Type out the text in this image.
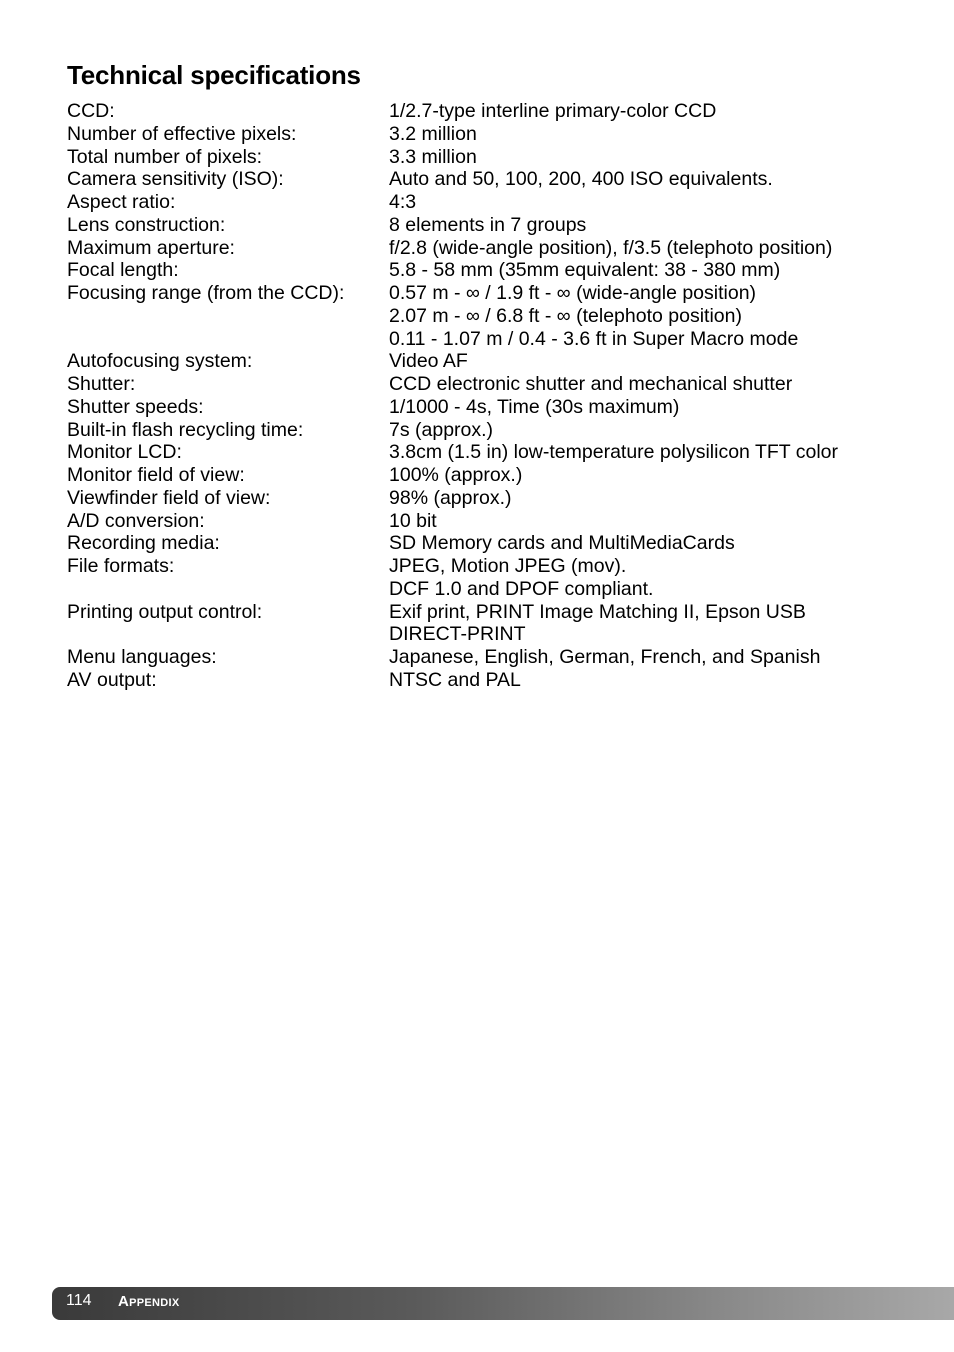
Technical specifications
CCD:	1/2.7-type interline primary-color CCD
Number of effective pixels:	3.2 million
Total number of pixels:	3.3 million
Camera sensitivity (ISO):	Auto and 50, 100, 200, 400 ISO equivalents.
Aspect ratio:	4:3
Lens construction:	8 elements in 7 groups
Maximum aperture:	f/2.8 (wide-angle position), f/3.5 (telephoto position)
Focal length:	5.8 - 58 mm (35mm equivalent: 38 - 380 mm)
Focusing range (from the CCD):	0.57 m - ∞ / 1.9 ft - ∞ (wide-angle position)
2.07 m - ∞ / 6.8 ft - ∞ (telephoto position)
0.11 - 1.07 m / 0.4 - 3.6 ft in Super Macro mode
Autofocusing system:	Video AF
Shutter:	CCD electronic shutter and mechanical shutter
Shutter speeds:	1/1000 - 4s, Time (30s maximum)
Built-in flash recycling time:	7s (approx.)
Monitor LCD:	3.8cm (1.5 in) low-temperature polysilicon TFT color
Monitor field of view:	100% (approx.)
Viewfinder field of view:	98% (approx.)
A/D conversion:	10 bit
Recording media:	SD Memory cards and MultiMediaCards
File formats:	JPEG, Motion JPEG (mov).
DCF 1.0 and DPOF compliant.
Printing output control:	Exif print, PRINT Image Matching II, Epson USB
DIRECT-PRINT
Menu languages:	Japanese, English, German, French, and Spanish
AV output:	NTSC and PAL
114 Appendix
